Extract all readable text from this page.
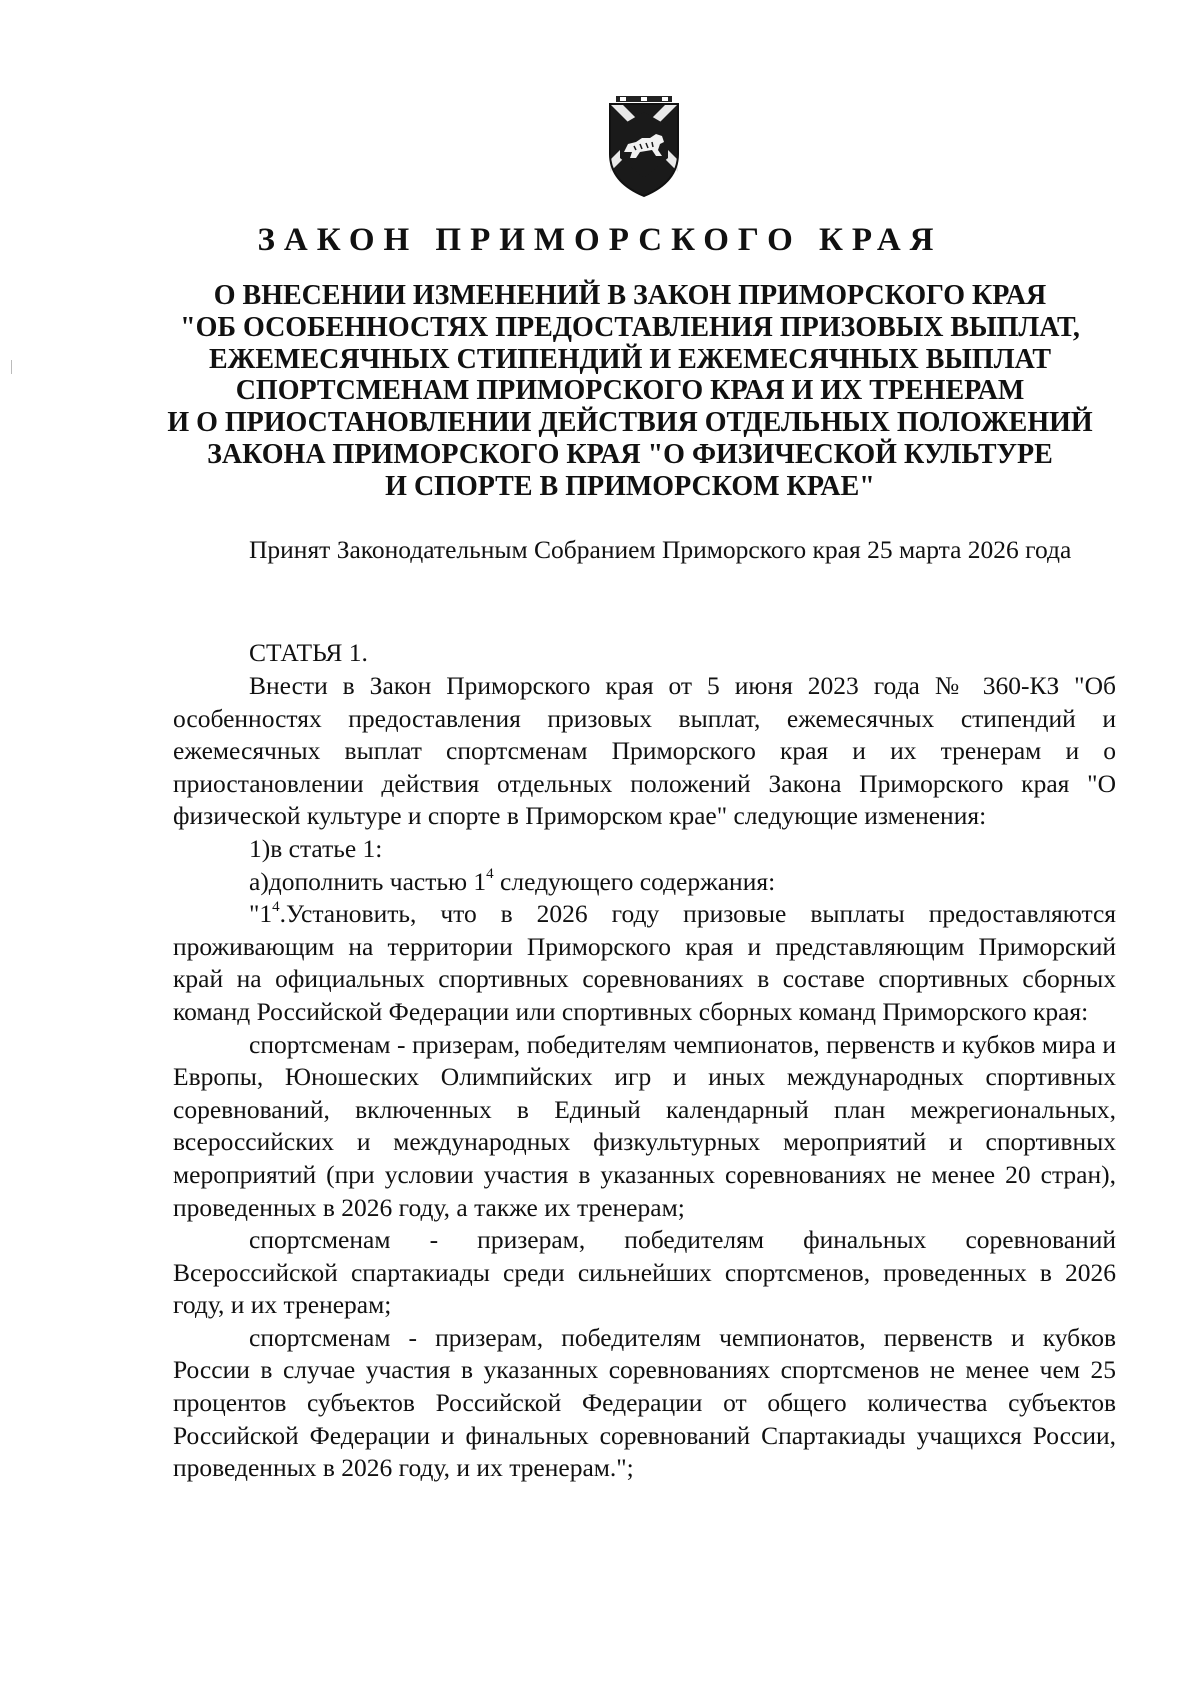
ЗАКОН ПРИМОРСКОГО КРАЯ
О ВНЕСЕНИИ ИЗМЕНЕНИЙ В ЗАКОН ПРИМОРСКОГО КРАЯ
"ОБ ОСОБЕННОСТЯХ ПРЕДОСТАВЛЕНИЯ ПРИЗОВЫХ ВЫПЛАТ,
ЕЖЕМЕСЯЧНЫХ СТИПЕНДИЙ И ЕЖЕМЕСЯЧНЫХ ВЫПЛАТ
СПОРТСМЕНАМ ПРИМОРСКОГО КРАЯ И ИХ ТРЕНЕРАМ
И О ПРИОСТАНОВЛЕНИИ ДЕЙСТВИЯ ОТДЕЛЬНЫХ ПОЛОЖЕНИЙ
ЗАКОНА ПРИМОРСКОГО КРАЯ "О ФИЗИЧЕСКОЙ КУЛЬТУРЕ
И СПОРТЕ В ПРИМОРСКОМ КРАЕ"

Принят Законодательным Собранием Приморского края 25 марта 2026 года

СТАТЬЯ 1.

Внести в Закон Приморского края от 5 июня 2023 года № 360-КЗ "Об особенностях предоставления призовых выплат, ежемесячных стипендий и ежемесячных выплат спортсменам Приморского края и их тренерам и о приостановлении действия отдельных положений Закона Приморского края "О физической культуре и спорте в Приморском крае" следующие изменения:

1)в статье 1:

а)дополнить частью $1^4$ следующего содержания:

"$1^4.Установить$, что в 2026 году призовые выплаты предоставляются проживающим на территории Приморского края и представляющим Приморский край на официальных спортивных соревнованиях в составе спортивных сборных команд Российской Федерации или спортивных сборных команд Приморского края:

спортсменам - призерам, победителям чемпионатов, первенств и кубков мира и Европы, Юношеских Олимпийских игр и иных международных спортивных соревнований, включенных в Единый календарный план межрегиональных, всероссийских и международных физкультурных мероприятий и спортивных мероприятий (при условии участия в указанных соревнованиях не менее 20 стран), проведенных в 2026 году, а также их тренерам;

спортсменам - призерам, победителям финальных соревнований Всероссийской спартакиады среди сильнейших спортсменов, проведенных в 2026 году, и их тренерам;

спортсменам - призерам, победителям чемпионатов, первенств и кубков России в случае участия в указанных соревнованиях спортсменов не менее чем 25 процентов субъектов Российской Федерации от общего количества субъектов Российской Федерации и финальных соревнований Спартакиады учащихся России, проведенных в 2026 году, и их тренерам.";
